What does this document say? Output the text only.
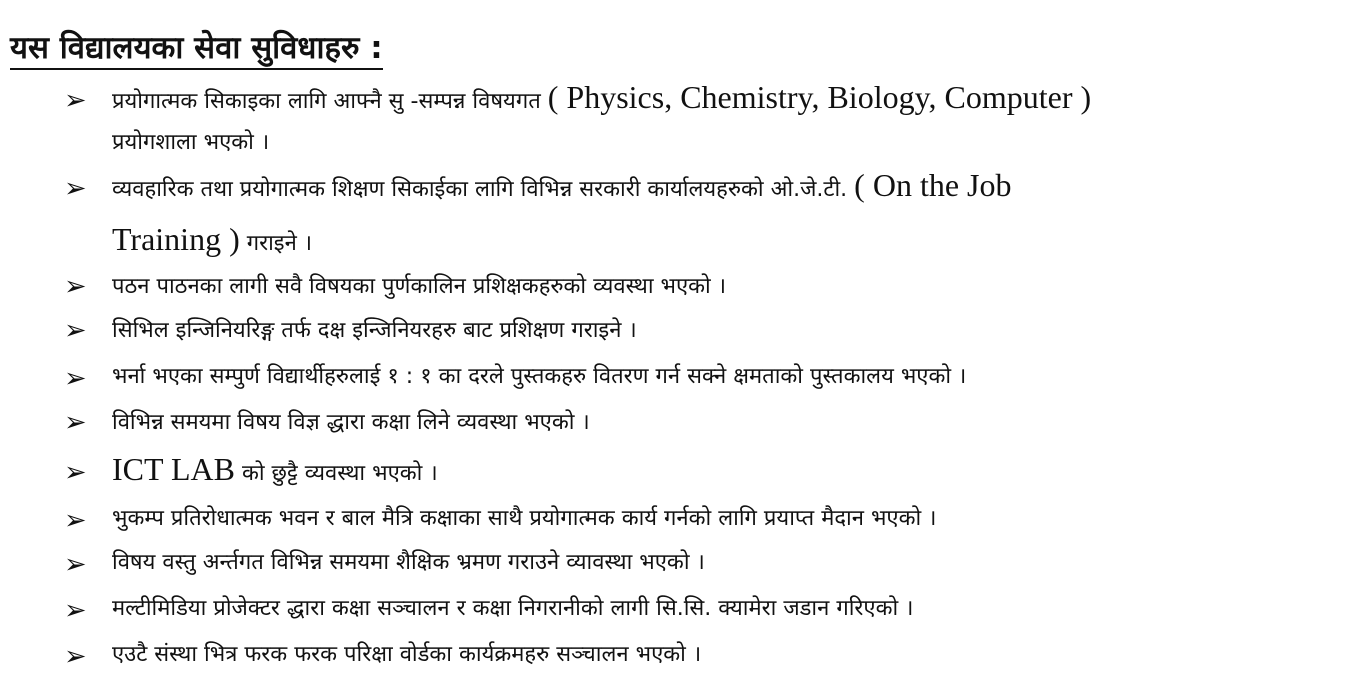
यस विद्यालयका सेवा सुविधाहरु :
➢	प्रयोगात्मक सिकाइका लागि आफ्नै सु -सम्पन्न विषयगत ( Physics, Chemistry, Biology, Computer )
प्रयोगशाला भएको ।
➢	व्यवहारिक तथा प्रयोगात्मक शिक्षण सिकाईका लागि विभिन्न सरकारी कार्यालयहरुको ओ.जे.टी. ( On the Job
Training ) गराइने ।
➢	पठन पाठनका लागी सवै विषयका पुर्णकालिन प्रशिक्षकहरुको व्यवस्था भएको ।
➢	सिभिल इन्जिनियरिङ्ग तर्फ दक्ष इन्जिनियरहरु बाट प्रशिक्षण गराइने ।
➢	भर्ना भएका सम्पुर्ण विद्यार्थीहरुलाई १ : १ का दरले पुस्तकहरु वितरण गर्न सक्ने क्षमताको पुस्तकालय भएको ।
➢	विभिन्न समयमा विषय विज्ञ द्धारा कक्षा लिने व्यवस्था भएको ।
➢ ICT LAB को छुट्टै व्यवस्था भएको ।
➢	भुकम्प प्रतिरोधात्मक भवन र बाल मैत्रि कक्षाका साथै प्रयोगात्मक कार्य गर्नको लागि प्रयाप्त मैदान भएको ।
➢	विषय वस्तु अर्न्तगत विभिन्न समयमा शैक्षिक भ्रमण गराउने व्यावस्था भएको ।
➢	मल्टीमिडिया प्रोजेक्टर द्धारा कक्षा सञ्चालन र कक्षा निगरानीको लागी सि.सि. क्यामेरा जडान गरिएको ।
➢	एउटै संस्था भित्र फरक फरक परिक्षा वोर्डका कार्यक्रमहरु सञ्चालन भएको ।
